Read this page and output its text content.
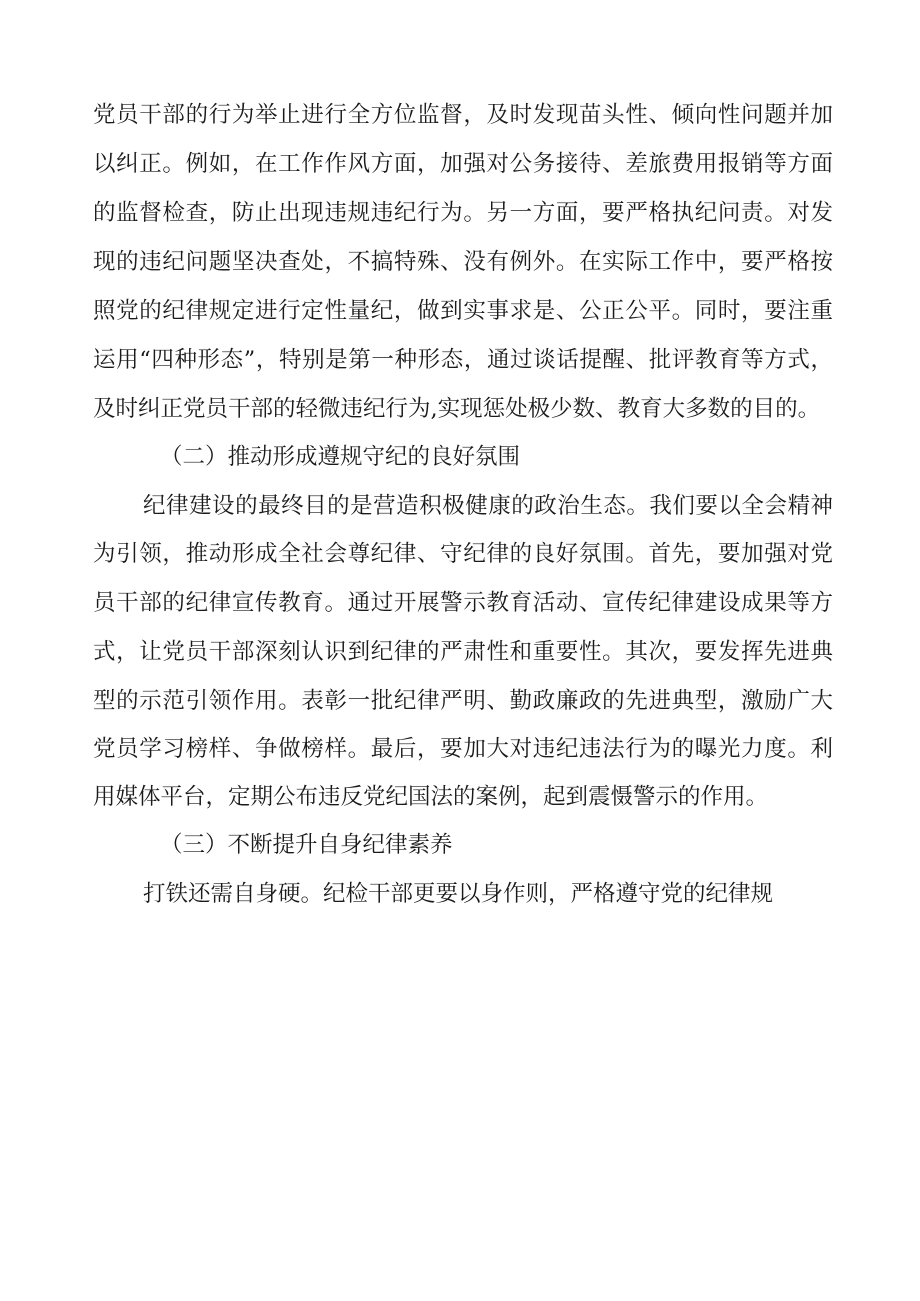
党员干部的行为举止进行全方位监督，及时发现苗头性、倾向性问题并加
以纠正。例如，在工作作风方面，加强对公务接待、差旅费用报销等方面
的监督检查，防止出现违规违纪行为。另一方面，要严格执纪问责。对发
现的违纪问题坚决查处，不搞特殊、没有例外。在实际工作中，要严格按
照党的纪律规定进行定性量纪，做到实事求是、公正公平。同时，要注重
运用“四种形态”，特别是第一种形态，通过谈话提醒、批评教育等方式，
及时纠正党员干部的轻微违纪行为,实现惩处极少数、教育大多数的目的。
（二）推动形成遵规守纪的良好氛围
纪律建设的最终目的是营造积极健康的政治生态。我们要以全会精神
为引领，推动形成全社会尊纪律、守纪律的良好氛围。首先，要加强对党
员干部的纪律宣传教育。通过开展警示教育活动、宣传纪律建设成果等方
式，让党员干部深刻认识到纪律的严肃性和重要性。其次，要发挥先进典
型的示范引领作用。表彰一批纪律严明、勤政廉政的先进典型，激励广大
党员学习榜样、争做榜样。最后，要加大对违纪违法行为的曝光力度。利
用媒体平台，定期公布违反党纪国法的案例，起到震慑警示的作用。
（三）不断提升自身纪律素养
打铁还需自身硬。纪检干部更要以身作则，严格遵守党的纪律规
